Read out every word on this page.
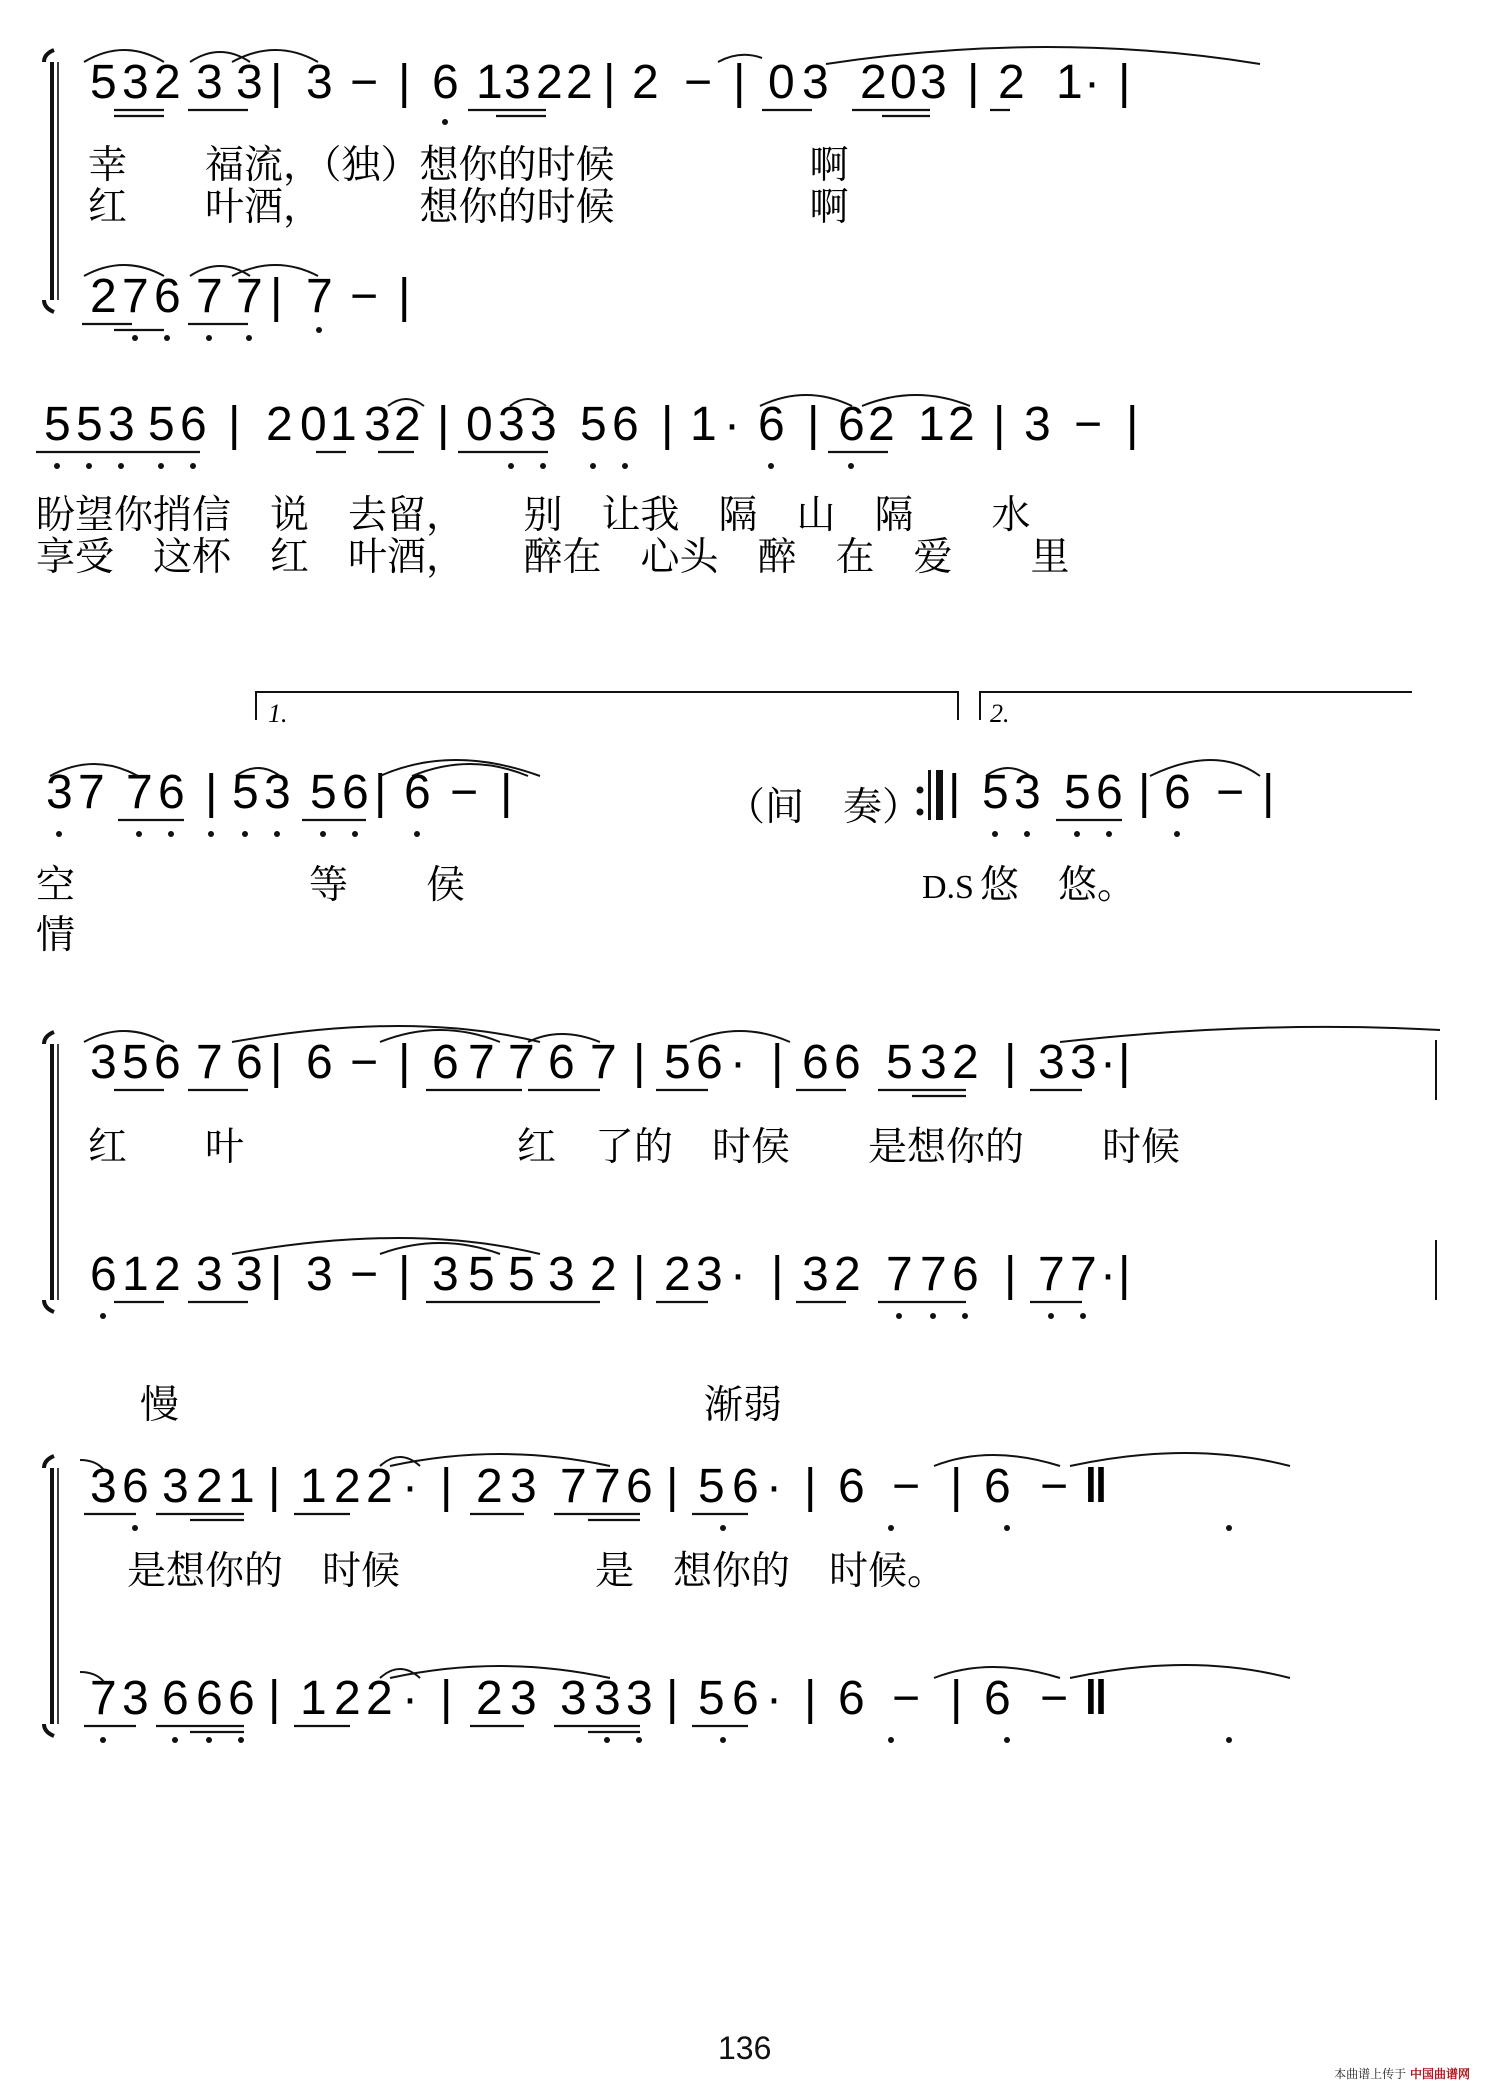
5 3 2 3 3 | 3 − | 6 1 3 2 2 | 2 − | 0 3 2 0 3 | 2 1 · |
2 7 6 7 7 | 7 − |
幸　　福流，（独）想你的时候　　　　　啊
红　　叶酒，　　　想你的时候　　　　　啊
5 5 3 5 6 | 2 0 1 3 2 | 0 3 3 5 6 | 1 · 6 | 6 2 1 2 | 3 − |
盼望你捎信　说　去留，　　别　让我　隔　山　隔　　水
享受　这杯　红　叶酒，　　醉在　心头　醉　在　爱　　里
1.	2.
3 7 7 6 | 5 3 5 6 | 6 − |	| 5 3 5 6 | 6 − |
（间　奏）
空　　　　　　等　　侯
情
D.S 悠　悠。
3 5 6 7 6 | 6 − | 6 7 7 6 7 | 5 6 · | 6 6 5 3 2 | 3 3 · |
6 1 2 3 3 | 3 − | 3 5 5 3 2 | 2 3 · | 3 2 7 7 6 | 7 7 · |
红　　叶　　　　　　　红　了的　时侯　　是想你的　　时候
慢	渐弱
3 6 3 2 1 | 1 2 2 · | 2 3 7 7 6 | 5 6 · | 6 − | 6 − ‖
7 3 6 6 6 | 1 2 2 · | 2 3 3 3 3 | 5 6 · | 6 − | 6 − ‖
　是想你的　时候　　　　　是　想你的　时候。
136
本曲谱上传于 中国曲谱网
